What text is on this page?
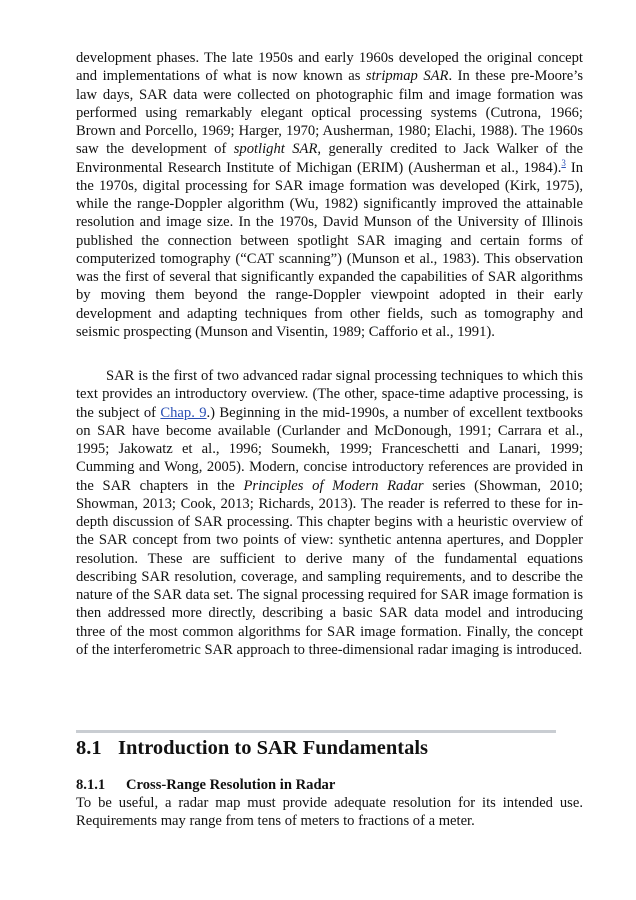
development phases. The late 1950s and early 1960s developed the original concept and implementations of what is now known as stripmap SAR. In these pre-Moore’s law days, SAR data were collected on photographic film and image formation was performed using remarkably elegant optical processing systems (Cutrona, 1966; Brown and Porcello, 1969; Harger, 1970; Ausherman, 1980; Elachi, 1988). The 1960s saw the development of spotlight SAR, generally credited to Jack Walker of the Environmental Research Institute of Michigan (ERIM) (Ausherman et al., 1984).$^3$ In the 1970s, digital processing for SAR image formation was developed (Kirk, 1975), while the range-Doppler algorithm (Wu, 1982) significantly improved the attainable resolution and image size. In the 1970s, David Munson of the University of Illinois published the connection between spotlight SAR imaging and certain forms of computerized tomography (“CAT scanning”) (Munson et al., 1983). This observation was the first of several that significantly expanded the capabilities of SAR algorithms by moving them beyond the range-Doppler viewpoint adopted in their early development and adapting techniques from other fields, such as tomography and seismic prospecting (Munson and Visentin, 1989; Cafforio et al., 1991).

SAR is the first of two advanced radar signal processing techniques to which this text provides an introductory overview. (The other, space-time adaptive processing, is the subject of Chap. 9.) Beginning in the mid-1990s, a number of excellent textbooks on SAR have become available (Curlander and McDonough, 1991; Carrara et al., 1995; Jakowatz et al., 1996; Soumekh, 1999; Franceschetti and Lanari, 1999; Cumming and Wong, 2005). Modern, concise introductory references are provided in the SAR chapters in the Principles of Modern Radar series (Showman, 2010; Showman, 2013; Cook, 2013; Richards, 2013). The reader is referred to these for in-depth discussion of SAR processing. This chapter begins with a heuristic overview of the SAR concept from two points of view: synthetic antenna apertures, and Doppler resolution. These are sufficient to derive many of the fundamental equations describing SAR resolution, coverage, and sampling requirements, and to describe the nature of the SAR data set. The signal processing required for SAR image formation is then addressed more directly, describing a basic SAR data model and introducing three of the most common algorithms for SAR image formation. Finally, the concept of the interferometric SAR approach to three-dimensional radar imaging is introduced.

8.1 Introduction to SAR Fundamentals
8.1.1 Cross-Range Resolution in Radar

To be useful, a radar map must provide adequate resolution for its intended use. Requirements may range from tens of meters to fractions of a meter.
